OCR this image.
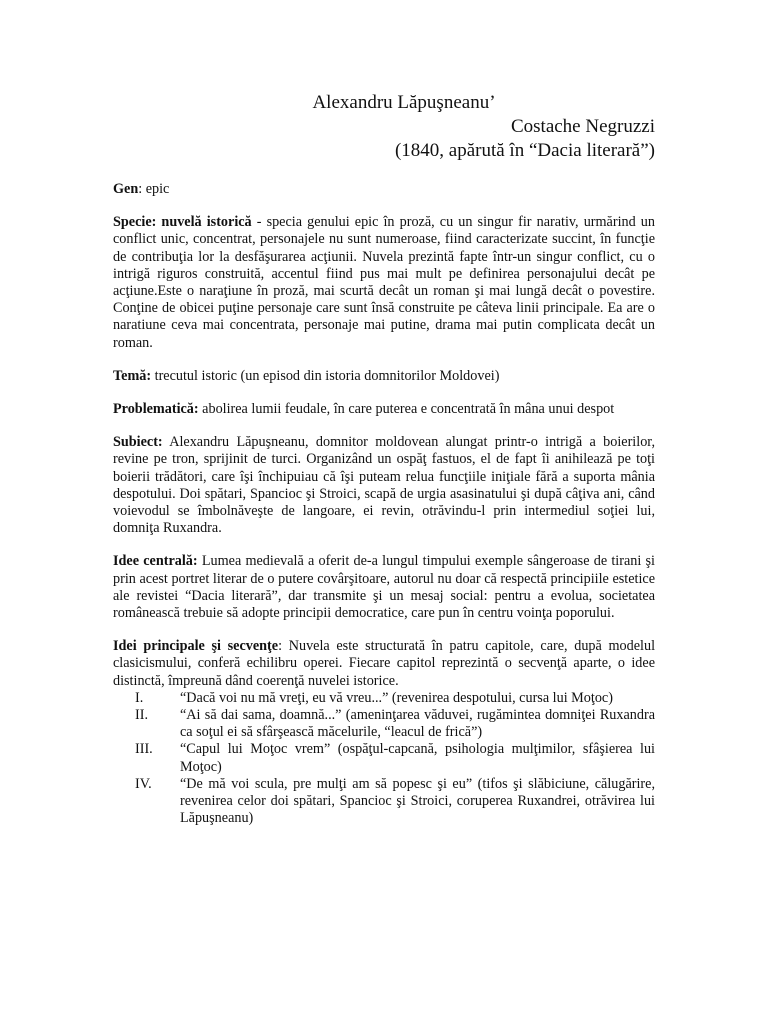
Alexandru Lăpuşneanu’
Costache Negruzzi
(1840, apărută în “Dacia literară”)

Gen: epic

Specie: nuvelă istorică - specia genului epic în proză, cu un singur fir narativ, urmărind un conflict unic, concentrat, personajele nu sunt numeroase, fiind caracterizate succint, în funcţie de contribuţia lor la desfăşurarea acţiunii. Nuvela prezintă fapte într-un singur conflict, cu o intrigă riguros construită, accentul fiind pus mai mult pe definirea personajului decât pe acţiune.Este o naraţiune în proză, mai scurtă decât un roman şi mai lungă decât o povestire. Conţine de obicei puţine personaje care sunt însă construite pe câteva linii principale. Ea are o naratiune ceva mai concentrata, personaje mai putine, drama mai putin complicata decât un roman.

Temă: trecutul istoric (un episod din istoria domnitorilor Moldovei)

Problematică: abolirea lumii feudale, în care puterea e concentrată în mâna unui despot

Subiect: Alexandru Lăpuşneanu, domnitor moldovean alungat printr-o intrigă a boierilor, revine pe tron, sprijinit de turci. Organizând un ospăţ fastuos, el de fapt îi anihilează pe toţi boierii trădători, care îşi închipuiau că îşi puteam relua funcţiile iniţiale fără a suporta mânia despotului. Doi spătari, Spancioc şi Stroici, scapă de urgia asasinatului şi după câţiva ani, când voievodul se îmbolnăveşte de langoare, ei revin, otrăvindu-l prin intermediul soţiei lui, domniţa Ruxandra.

Idee centrală: Lumea medievală a oferit de-a lungul timpului exemple sângeroase de tirani şi prin acest portret literar de o putere covârşitoare, autorul nu doar că respectă principiile estetice ale revistei “Dacia literară”, dar transmite şi un mesaj social: pentru a evolua, societatea românească trebuie să adopte principii democratice, care pun în centru voinţa poporului.

Idei principale şi secvenţe: Nuvela este structurată în patru capitole, care, după modelul clasicismului, conferă echilibru operei. Fiecare capitol reprezintă o secvenţă aparte, o idee distinctă, împreună dând coerenţă nuvelei istorice.

I.	“Dacă voi nu mă vreţi, eu vă vreu...” (revenirea despotului, cursa lui Moţoc)
II.	“Ai să dai sama, doamnă...” (ameninţarea văduvei, rugămintea domniţei Ruxandra ca soţul ei să sfârşească măcelurile, “leacul de frică”)
III.	“Capul lui Moţoc vrem” (ospăţul-capcană, psihologia mulţimilor, sfâşierea lui Moţoc)
IV.	“De mă voi scula, pre mulţi am să popesc şi eu” (tifos şi slăbiciune, călugărire, revenirea celor doi spătari, Spancioc şi Stroici, coruperea Ruxandrei, otrăvirea lui Lăpuşneanu)
